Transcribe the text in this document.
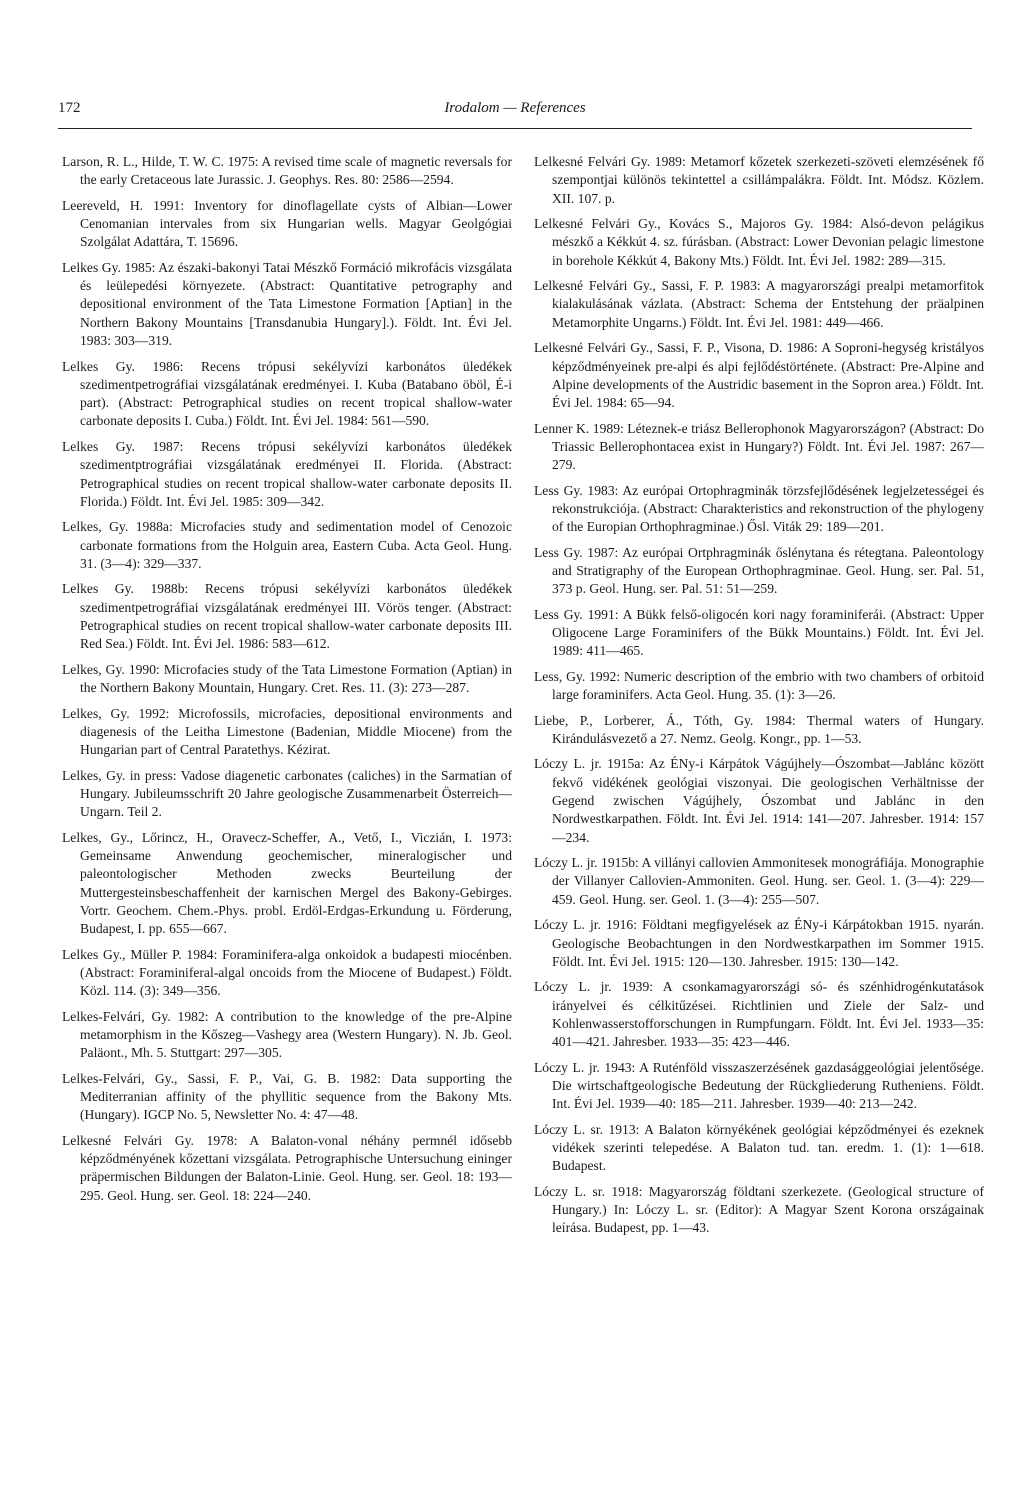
172	Irodalom — References

Larson, R. L., Hilde, T. W. C. 1975: A revised time scale of magnetic reversals for the early Cretaceous late Jurassic. J. Geophys. Res. 80: 2586—2594.

Leereveld, H. 1991: Inventory for dinoflagellate cysts of Albian—Lower Cenomanian intervales from six Hungarian wells. Magyar Geolgógiai Szolgálat Adattára, T. 15696.

Lelkes Gy. 1985: Az északi-bakonyi Tatai Mészkő Formáció mikrofácis vizsgálata és leülepedési környezete. (Abstract: Quantitative petrography and depositional environment of the Tata Limestone Formation [Aptian] in the Northern Bakony Mountains [Transdanubia Hungary].). Földt. Int. Évi Jel. 1983: 303—319.

Lelkes Gy. 1986: Recens trópusi sekélyvízi karbonátos üledékek szedimentpetrográfiai vizsgálatának eredményei. I. Kuba (Batabano öböl, É-i part). (Abstract: Petrographical studies on recent tropical shallow-water carbonate deposits I. Cuba.) Földt. Int. Évi Jel. 1984: 561—590.

Lelkes Gy. 1987: Recens trópusi sekélyvízi karbonátos üledékek szedimentptrográfiai vizsgálatának eredményei II. Florida. (Abstract: Petrographical studies on recent tropical shallow-water carbonate deposits II. Florida.) Földt. Int. Évi Jel. 1985: 309—342.

Lelkes, Gy. 1988a: Microfacies study and sedimentation model of Cenozoic carbonate formations from the Holguin area, Eastern Cuba. Acta Geol. Hung. 31. (3—4): 329—337.

Lelkes Gy. 1988b: Recens trópusi sekélyvízi karbonátos üledékek szedimentpetrográfiai vizsgálatának eredményei III. Vörös tenger. (Abstract: Petrographical studies on recent tropical shallow-water carbonate deposits III. Red Sea.) Földt. Int. Évi Jel. 1986: 583—612.

Lelkes, Gy. 1990: Microfacies study of the Tata Limestone Formation (Aptian) in the Northern Bakony Mountain, Hungary. Cret. Res. 11. (3): 273—287.

Lelkes, Gy. 1992: Microfossils, microfacies, depositional environments and diagenesis of the Leitha Limestone (Badenian, Middle Miocene) from the Hungarian part of Central Paratethys. Kézirat.

Lelkes, Gy. in press: Vadose diagenetic carbonates (caliches) in the Sarmatian of Hungary. Jubileumsschrift 20 Jahre geologische Zusammenarbeit Österreich—Ungarn. Teil 2.

Lelkes, Gy., Lőrincz, H., Oravecz-Scheffer, A., Vető, I., Viczián, I. 1973: Gemeinsame Anwendung geochemischer, mineralogischer und paleontologischer Methoden zwecks Beurteilung der Muttergesteinsbeschaffenheit der karnischen Mergel des Bakony-Gebirges. Vortr. Geochem. Chem.-Phys. probl. Erdöl-Erdgas-Erkundung u. Förderung, Budapest, I. pp. 655—667.

Lelkes Gy., Müller P. 1984: Foraminifera-alga onkoidok a budapesti miocénben. (Abstract: Foraminiferal-algal oncoids from the Miocene of Budapest.) Földt. Közl. 114. (3): 349—356.

Lelkes-Felvári, Gy. 1982: A contribution to the knowledge of the pre-Alpine metamorphism in the Kőszeg—Vashegy area (Western Hungary). N. Jb. Geol. Paläont., Mh. 5. Stuttgart: 297—305.

Lelkes-Felvári, Gy., Sassi, F. P., Vai, G. B. 1982: Data supporting the Mediterranian affinity of the phyllitic sequence from the Bakony Mts. (Hungary). IGCP No. 5, Newsletter No. 4: 47—48.

Lelkesné Felvári Gy. 1978: A Balaton-vonal néhány permnél idősebb képződményének kőzettani vizsgálata. Petrographische Untersuchung eininger präpermischen Bildungen der Balaton-Linie. Geol. Hung. ser. Geol. 18: 193—295. Geol. Hung. ser. Geol. 18: 224—240.

Lelkesné Felvári Gy. 1989: Metamorf kőzetek szerkezeti-szöveti elemzésének fő szempontjai különös tekintettel a csillámpalákra. Földt. Int. Módsz. Közlem. XII. 107. p.

Lelkesné Felvári Gy., Kovács S., Majoros Gy. 1984: Alsó-devon pelágikus mészkő a Kékkút 4. sz. fúrásban. (Abstract: Lower Devonian pelagic limestone in borehole Kékkút 4, Bakony Mts.) Földt. Int. Évi Jel. 1982: 289—315.

Lelkesné Felvári Gy., Sassi, F. P. 1983: A magyarországi prealpi metamorfitok kialakulásának vázlata. (Abstract: Schema der Entstehung der präalpinen Metamorphite Ungarns.) Földt. Int. Évi Jel. 1981: 449—466.

Lelkesné Felvári Gy., Sassi, F. P., Visona, D. 1986: A Soproni-hegység kristályos képződményeinek pre-alpi és alpi fejlődéstörténete. (Abstract: Pre-Alpine and Alpine developments of the Austridic basement in the Sopron area.) Földt. Int. Évi Jel. 1984: 65—94.

Lenner K. 1989: Léteznek-e triász Bellerophonok Magyarországon? (Abstract: Do Triassic Bellerophontacea exist in Hungary?) Földt. Int. Évi Jel. 1987: 267—279.

Less Gy. 1983: Az európai Ortophragminák törzsfejlődésének legjelzetességei és rekonstrukciója. (Abstract: Charakteristics and rekonstruction of the phylogeny of the Europian Orthophragminae.) Ősl. Viták 29: 189—201.

Less Gy. 1987: Az európai Ortphragminák őslénytana és rétegtana. Paleontology and Stratigraphy of the European Orthophragminae. Geol. Hung. ser. Pal. 51, 373 p. Geol. Hung. ser. Pal. 51: 51—259.

Less Gy. 1991: A Bükk felső-oligocén kori nagy foraminiferái. (Abstract: Upper Oligocene Large Foraminifers of the Bükk Mountains.) Földt. Int. Évi Jel. 1989: 411—465.

Less, Gy. 1992: Numeric description of the embrio with two chambers of orbitoid large foraminifers. Acta Geol. Hung. 35. (1): 3—26.

Liebe, P., Lorberer, Á., Tóth, Gy. 1984: Thermal waters of Hungary. Kirándulásvezető a 27. Nemz. Geolg. Kongr., pp. 1—53.

Lóczy L. jr. 1915a: Az ÉNy-i Kárpátok Vágújhely—Ószombat—Jablánc között fekvő vidékének geológiai viszonyai. Die geologischen Verhältnisse der Gegend zwischen Vágújhely, Ószombat und Jablánc in den Nordwestkarpathen. Földt. Int. Évi Jel. 1914: 141—207. Jahresber. 1914: 157—234.

Lóczy L. jr. 1915b: A villányi callovien Ammonitesek monográfiája. Monographie der Villanyer Callovien-Ammoniten. Geol. Hung. ser. Geol. 1. (3—4): 229—459. Geol. Hung. ser. Geol. 1. (3—4): 255—507.

Lóczy L. jr. 1916: Földtani megfigyelések az ÉNy-i Kárpátokban 1915. nyarán. Geologische Beobachtungen in den Nordwestkarpathen im Sommer 1915. Földt. Int. Évi Jel. 1915: 120—130. Jahresber. 1915: 130—142.

Lóczy L. jr. 1939: A csonkamagyarországi só- és szénhidrogénkutatások irányelvei és célkitűzései. Richtlinien und Ziele der Salz- und Kohlenwasserstofforschungen in Rumpfungarn. Földt. Int. Évi Jel. 1933—35: 401—421. Jahresber. 1933—35: 423—446.

Lóczy L. jr. 1943: A Ruténföld visszaszerzésének gazdasággeológiai jelentősége. Die wirtschaftgeologische Bedeutung der Rückgliederung Rutheniens. Földt. Int. Évi Jel. 1939—40: 185—211. Jahresber. 1939—40: 213—242.

Lóczy L. sr. 1913: A Balaton környékének geológiai képződményei és ezeknek vidékek szerinti telepedése. A Balaton tud. tan. eredm. 1. (1): 1—618. Budapest.

Lóczy L. sr. 1918: Magyarország földtani szerkezete. (Geological structure of Hungary.) In: Lóczy L. sr. (Editor): A Magyar Szent Korona országainak leírása. Budapest, pp. 1—43.
